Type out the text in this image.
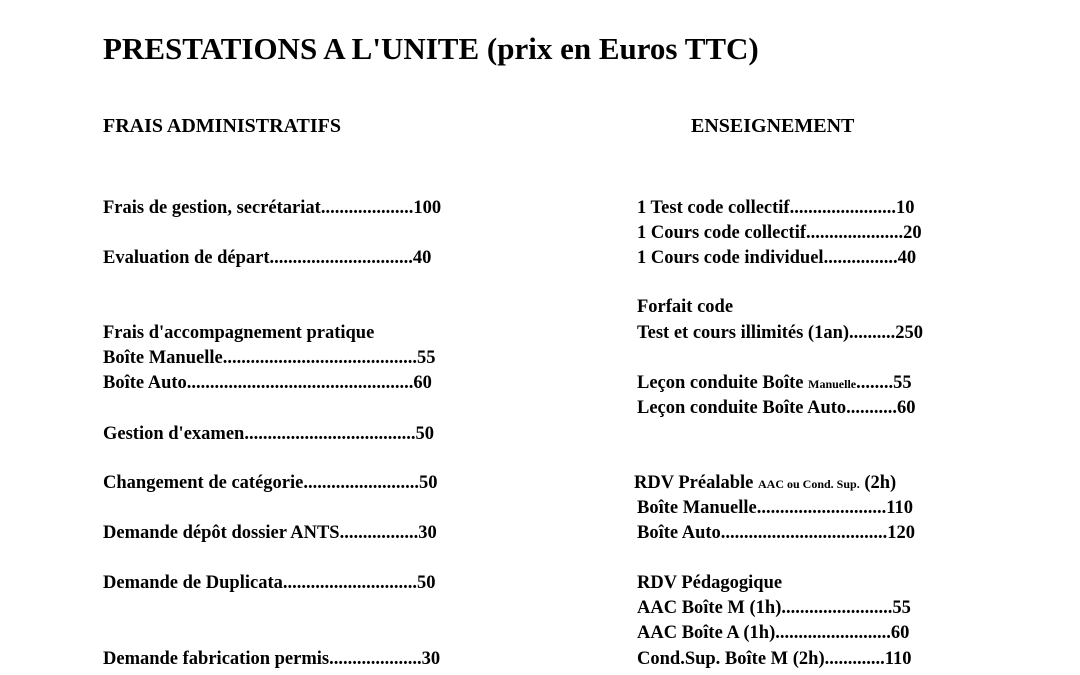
PRESTATIONS A L'UNITE (prix en Euros TTC)
FRAIS ADMINISTRATIFS	ENSEIGNEMENT
Frais de gestion, secrétariat....................100
Evaluation de départ...............................40
Frais d'accompagnement pratique
Boîte Manuelle..........................................55
Boîte Auto.................................................60
Gestion d'examen.....................................50
Changement de catégorie.........................50
Demande dépôt dossier ANTS.................30
Demande de Duplicata.............................50
Demande fabrication permis....................30
1 Test code collectif.......................10
1 Cours code collectif.....................20
1 Cours code individuel................40
Forfait code
Test et cours illimités (1an)..........250
Leçon conduite Boîte Manuelle........55
Leçon conduite Boîte Auto...........60
RDV Préalable AAC ou Cond. Sup. (2h)
Boîte Manuelle............................110
Boîte Auto....................................120
RDV Pédagogique
AAC Boîte M (1h)........................55
AAC Boîte A (1h).........................60
Cond.Sup. Boîte M (2h).............110
